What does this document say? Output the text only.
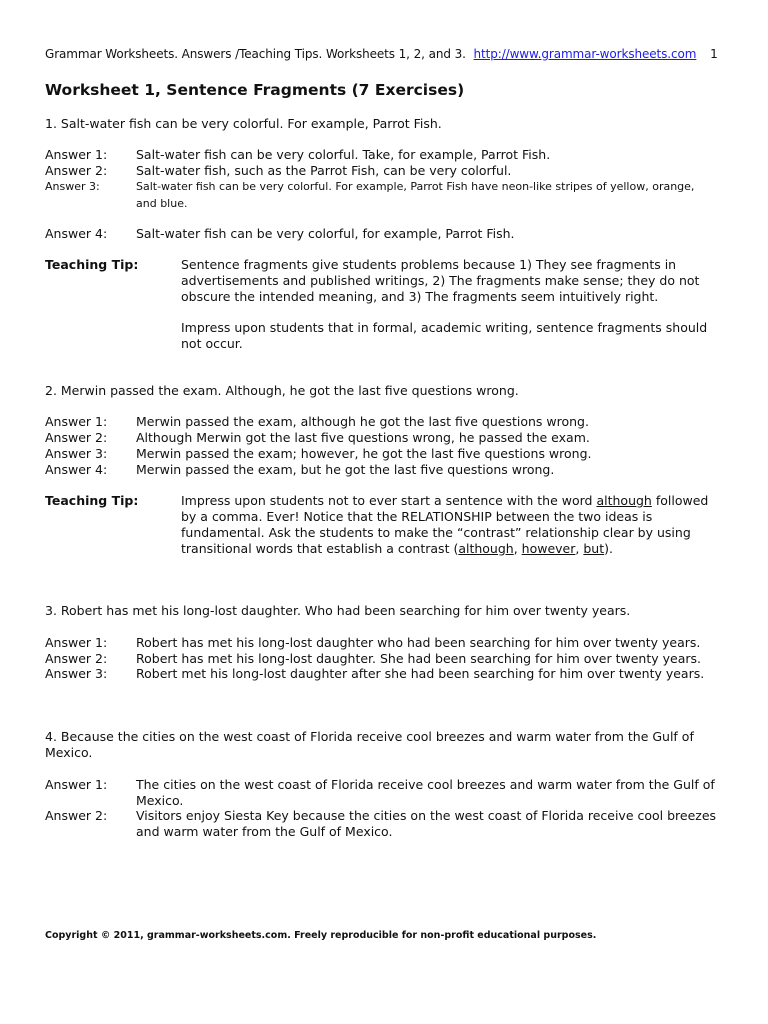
Grammar Worksheets. Answers /Teaching Tips. Worksheets 1, 2, and 3. http://www.grammar-worksheets.com 1
Worksheet 1, Sentence Fragments (7 Exercises)
1. Salt-water fish can be very colorful. For example, Parrot Fish.
Answer 1: Salt-water fish can be very colorful. Take, for example, Parrot Fish.
Answer 2: Salt-water fish, such as the Parrot Fish, can be very colorful.
Answer 3:	Salt-water fish can be very colorful. For example, Parrot Fish have neon-like stripes of yellow, orange,
and blue.
Answer 4: Salt-water fish can be very colorful, for example, Parrot Fish.
Teaching Tip:	Sentence fragments give students problems because 1) They see fragments in
advertisements and published writings, 2) The fragments make sense; they do not
obscure the intended meaning, and 3) The fragments seem intuitively right.
Impress upon students that in formal, academic writing, sentence fragments should
not occur.
2. Merwin passed the exam. Although, he got the last five questions wrong.
Answer 1: Merwin passed the exam, although he got the last five questions wrong.
Answer 2: Although Merwin got the last five questions wrong, he passed the exam.
Answer 3: Merwin passed the exam; however, he got the last five questions wrong.
Answer 4: Merwin passed the exam, but he got the last five questions wrong.
Teaching Tip:	Impress upon students not to ever start a sentence with the word although followed
by a comma. Ever! Notice that the RELATIONSHIP between the two ideas is
fundamental. Ask the students to make the “contrast” relationship clear by using
transitional words that establish a contrast (although, however, but).
3. Robert has met his long-lost daughter. Who had been searching for him over twenty years.
Answer 1: Robert has met his long-lost daughter who had been searching for him over twenty years.
Answer 2: Robert has met his long-lost daughter. She had been searching for him over twenty years.
Answer 3: Robert met his long-lost daughter after she had been searching for him over twenty years.
4. Because the cities on the west coast of Florida receive cool breezes and warm water from the Gulf of
Mexico.
Answer 1: The cities on the west coast of Florida receive cool breezes and warm water from the Gulf of
Mexico.
Answer 2: Visitors enjoy Siesta Key because the cities on the west coast of Florida receive cool breezes
and warm water from the Gulf of Mexico.
Copyright © 2011, grammar-worksheets.com. Freely reproducible for non-profit educational purposes.
